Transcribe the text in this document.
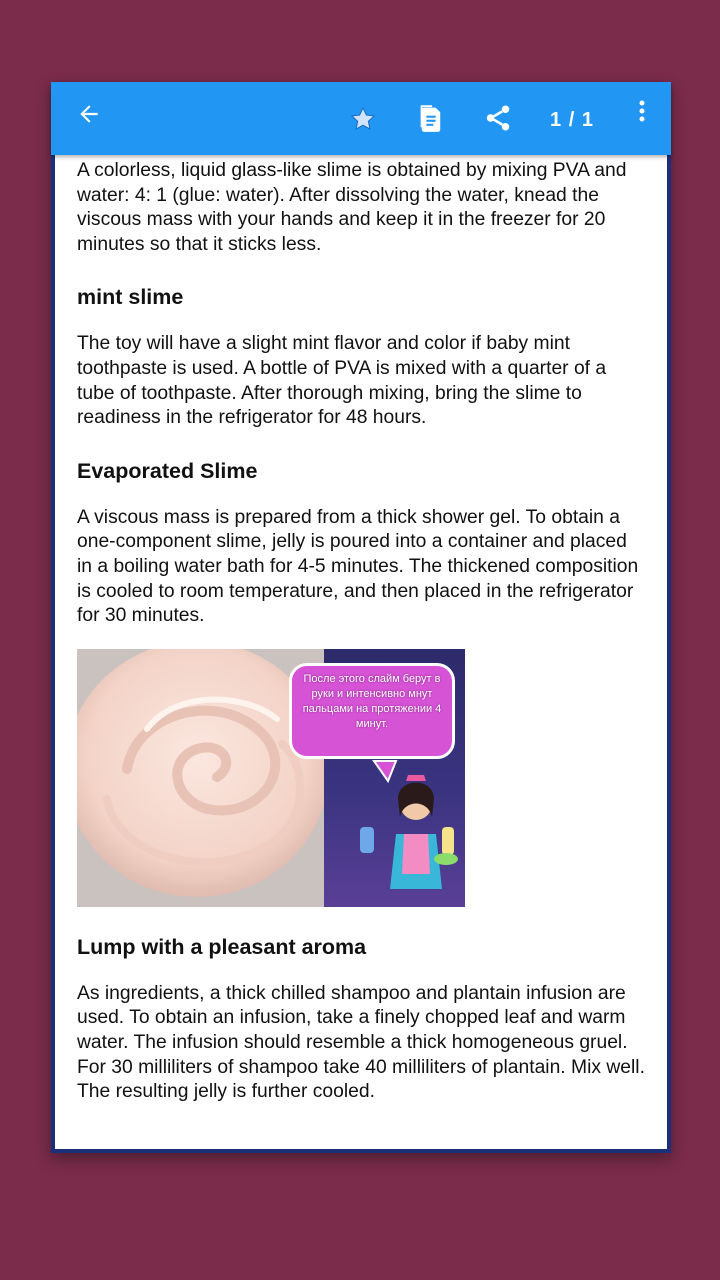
1 / 1

A colorless, liquid glass-like slime is obtained by mixing PVA and water: 4: 1 (glue: water). After dissolving the water, knead the viscous mass with your hands and keep it in the freezer for 20 minutes so that it sticks less.

mint slime

The toy will have a slight mint flavor and color if baby mint toothpaste is used. A bottle of PVA is mixed with a quarter of a tube of toothpaste. After thorough mixing, bring the slime to readiness in the refrigerator for 48 hours.

Evaporated Slime

A viscous mass is prepared from a thick shower gel. To obtain a one-component slime, jelly is poured into a container and placed in a boiling water bath for 4-5 minutes. The thickened composition is cooled to room temperature, and then placed in the refrigerator for 30 minutes.

После этого слайм берут в руки и интенсивно мнут пальцами на протяжении 4 минут.
Lump with a pleasant aroma

As ingredients, a thick chilled shampoo and plantain infusion are used. To obtain an infusion, take a finely chopped leaf and warm water. The infusion should resemble a thick homogeneous gruel. For 30 milliliters of shampoo take 40 milliliters of plantain. Mix well. The resulting jelly is further cooled.
